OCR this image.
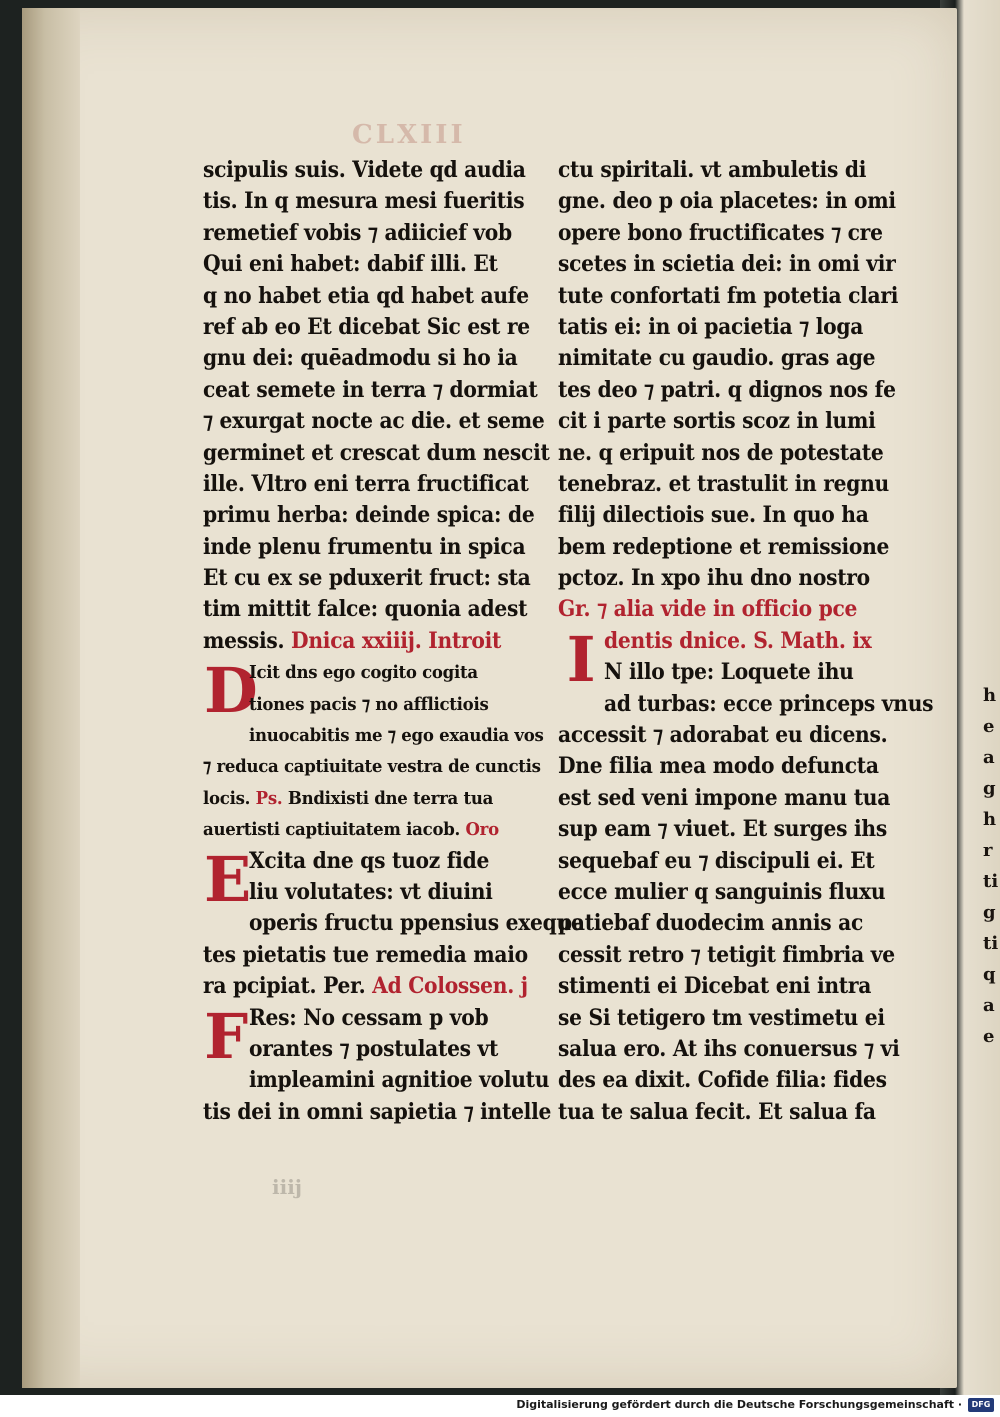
h
e
a
g
h
r
ti
g
ti
q
a
e
CLXIII
iiij
scipulis suis. Videte qd audia
tis. In q mesura mesi fueritis
remetief vobis ⁊ adiicief vob
Qui eni habet: dabif illi. Et
q no habet etia qd habet aufe
ref ab eo Et dicebat Sic est re
gnu dei: quēadmodu si ho ia
ceat semete in terra ⁊ dormiat
⁊ exurgat nocte ac die. et seme
germinet et crescat dum nescit
ille. Vltro eni terra fructificat
primu herba: deinde spica: de
inde plenu frumentu in spica
Et cu ex se pduxerit fruct: sta
tim mittit falce: quonia adest
messis. Dnica xxiiij. Introit
D
Icit dns ego cogito cogita
tiones pacis ⁊ no afflictiois
inuocabitis me ⁊ ego exaudia vos
⁊ reduca captiuitate vestra de cunctis
locis. Ps. Bndixisti dne terra tua
auertisti captiuitatem iacob. Oro
E
Xcita dne qs tuoz fide
liu volutates: vt diuini
operis fructu ppensius exeque
tes pietatis tue remedia maio
ra pcipiat. Per. Ad Colossen. j
F Res: No cessam p vob
orantes ⁊ postulates vt
impleamini agnitioe volutu
tis dei in omni sapietia ⁊ intelle
ctu spiritali. vt ambuletis di
gne. deo p oia placetes: in omi
opere bono fructificates ⁊ cre
scetes in scietia dei: in omi vir
tute confortati fm potetia clari
tatis ei: in oi pacietia ⁊ loga
nimitate cu gaudio. gras age
tes deo ⁊ patri. q dignos nos fe
cit i parte sortis scoz in lumi
ne. q eripuit nos de potestate
tenebraz. et trastulit in regnu
filij dilectiois sue. In quo ha
bem redeptione et remissione
pctoz. In xpo ihu dno nostro
Gr. ⁊ alia vide in officio pce
I dentis dnice. S. Math. ix
N illo tpe: Loquete ihu
ad turbas: ecce princeps vnus
accessit ⁊ adorabat eu dicens.
Dne filia mea modo defuncta
est sed veni impone manu tua
sup eam ⁊ viuet. Et surges ihs
sequebaf eu ⁊ discipuli ei. Et
ecce mulier q sanguinis fluxu
patiebaf duodecim annis ac
cessit retro ⁊ tetigit fimbria ve
stimenti ei Dicebat eni intra
se Si tetigero tm vestimetu ei
salua ero. At ihs conuersus ⁊ vi
des ea dixit. Cofide filia: fides
tua te salua fecit. Et salua fa
Digitalisierung gefördert durch die Deutsche Forschungsgemeinschaft ·	DFG
